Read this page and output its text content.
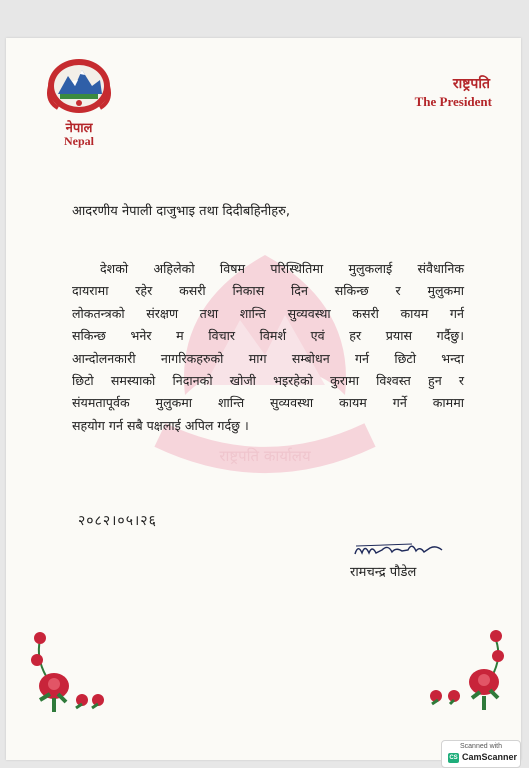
नेपाल
Nepal
राष्ट्रपति
The President
राष्ट्रपति कार्यालय
आदरणीय नेपाली दाजुभाइ तथा दिदीबहिनीहरु,
देशको अहिलेको विषम परिस्थितिमा मुलुकलाई संवैधानिक
दायरामा रहेर कसरी निकास दिन सकिन्छ र मुलुकमा
लोकतन्त्रको संरक्षण तथा शान्ति सुव्यवस्था कसरी कायम गर्न
सकिन्छ भनेर म विचार विमर्श एवं हर प्रयास गर्दैछु।
आन्दोलनकारी नागरिकहरुको माग सम्बोधन गर्न छिटो भन्दा
छिटो समस्याको निदानको खोजी भइरहेको कुरामा विश्वस्त हुन र
संयमतापूर्वक मुलुकमा शान्ति सुव्यवस्था कायम गर्ने काममा
सहयोग गर्न सबै पक्षलाई अपिल गर्दछु ।
२०८२।०५।२६
रामचन्द्र पौडेल
Scanned with
CS CamScanner
